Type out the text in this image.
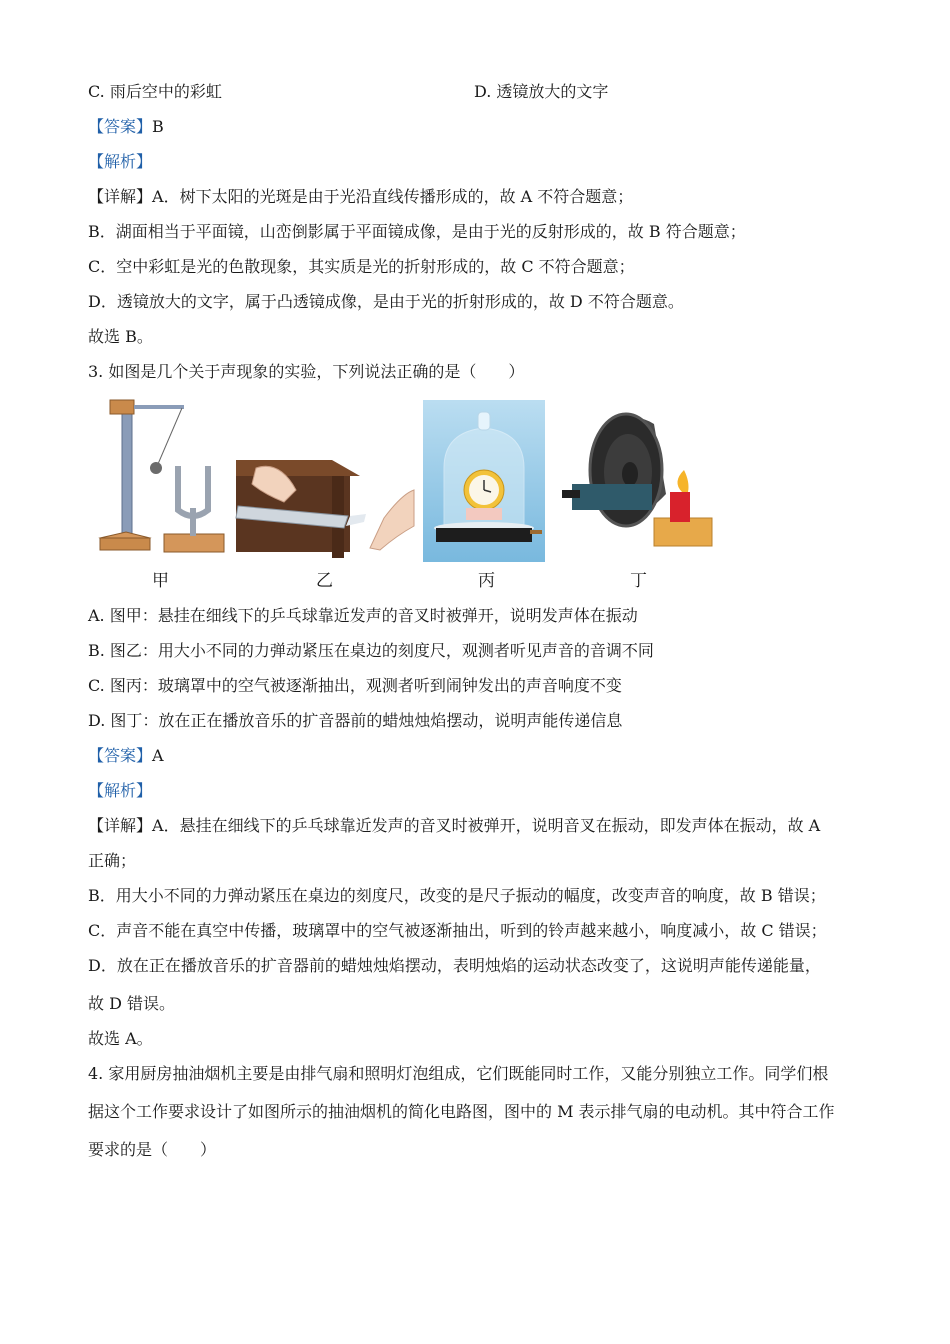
C. 雨后空中的彩虹	D. 透镜放大的文字
【答案】B
【解析】
【详解】A．树下太阳的光斑是由于光沿直线传播形成的，故 A 不符合题意；
B．湖面相当于平面镜，山峦倒影属于平面镜成像，是由于光的反射形成的，故 B 符合题意；
C．空中彩虹是光的色散现象，其实质是光的折射形成的，故 C 不符合题意；
D．透镜放大的文字，属于凸透镜成像，是由于光的折射形成的，故 D 不符合题意。
故选 B。
3. 如图是几个关于声现象的实验，下列说法正确的是（　　）
甲	乙	丙	丁
A. 图甲：悬挂在细线下的乒乓球靠近发声的音叉时被弹开，说明发声体在振动
B. 图乙：用大小不同的力弹动紧压在桌边的刻度尺，观测者听见声音的音调不同
C. 图丙：玻璃罩中的空气被逐渐抽出，观测者听到闹钟发出的声音响度不变
D. 图丁：放在正在播放音乐的扩音器前的蜡烛烛焰摆动，说明声能传递信息
【答案】A
【解析】
【详解】A．悬挂在细线下的乒乓球靠近发声的音叉时被弹开，说明音叉在振动，即发声体在振动，故 A
正确；
B．用大小不同的力弹动紧压在桌边的刻度尺，改变的是尺子振动的幅度，改变声音的响度，故 B 错误；
C．声音不能在真空中传播，玻璃罩中的空气被逐渐抽出，听到的铃声越来越小，响度减小，故 C 错误；
D．放在正在播放音乐的扩音器前的蜡烛烛焰摆动，表明烛焰的运动状态改变了，这说明声能传递能量，
故 D 错误。
故选 A。
4. 家用厨房抽油烟机主要是由排气扇和照明灯泡组成，它们既能同时工作，又能分别独立工作。同学们根
据这个工作要求设计了如图所示的抽油烟机的简化电路图，图中的 M 表示排气扇的电动机。其中符合工作
要求的是（　　）
